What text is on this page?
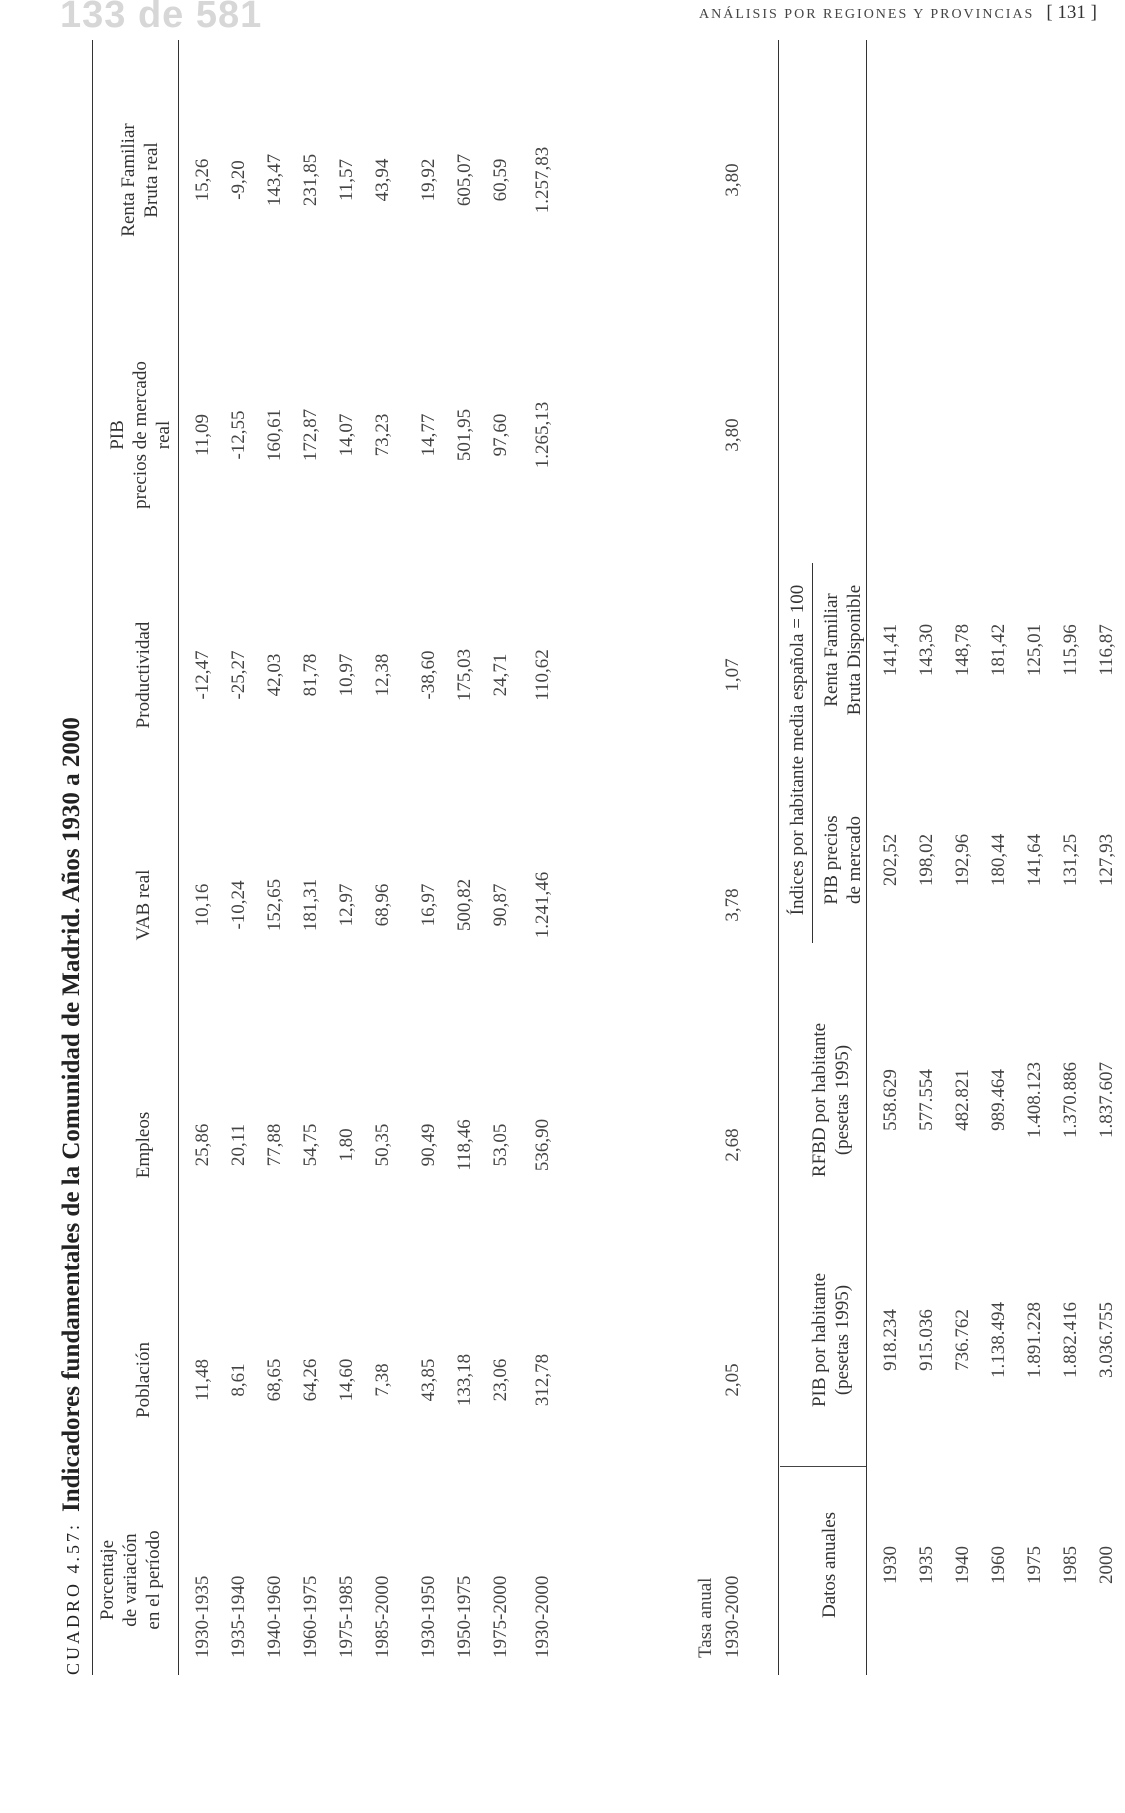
133 de 581	ANÁLISIS POR REGIONES Y PROVINCIAS [ 131 ]
CUADRO 4.57:Indicadores fundamentales de la Comunidad de Madrid. Años 1930 a 2000
Porcentaje de variación en el período
Población
Empleos
VAB real
Productividad
PIB precios de mercado real
Renta Familiar Bruta real
1930-1935
11,48
25,86
10,16
-12,47
11,09
15,26
1935-1940
8,61
20,11
-10,24
-25,27
-12,55
-9,20
1940-1960
68,65
77,88
152,65
42,03
160,61
143,47
1960-1975
64,26
54,75
181,31
81,78
172,87
231,85
1975-1985
14,60
1,80
12,97
10,97
14,07
11,57
1985-2000
7,38
50,35
68,96
12,38
73,23
43,94
1930-1950
43,85
90,49
16,97
-38,60
14,77
19,92
1950-1975
133,18
118,46
500,82
175,03
501,95
605,07
1975-2000
23,06
53,05
90,87
24,71
97,60
60,59
1930-2000
312,78
536,90
1.241,46
110,62
1.265,13
1.257,83
Tasa anual 1930-2000
2,05
2,68
3,78
1,07
3,80
3,80
Datos anuales
PIB por habitante (pesetas 1995)
RFBD por habitante (pesetas 1995)
Índices por habitante media española = 100 PIB precios de mercado
Renta Familiar Bruta Disponible
1930
918.234
558.629
202,52
141,41
1935
915.036
577.554
198,02
143,30
1940
736.762
482.821
192,96
148,78
1960
1.138.494
989.464
180,44
181,42
1975
1.891.228
1.408.123
141,64
125,01
1985
1.882.416
1.370.886
131,25
115,96
2000
3.036.755
1.837.607
127,93
116,87
